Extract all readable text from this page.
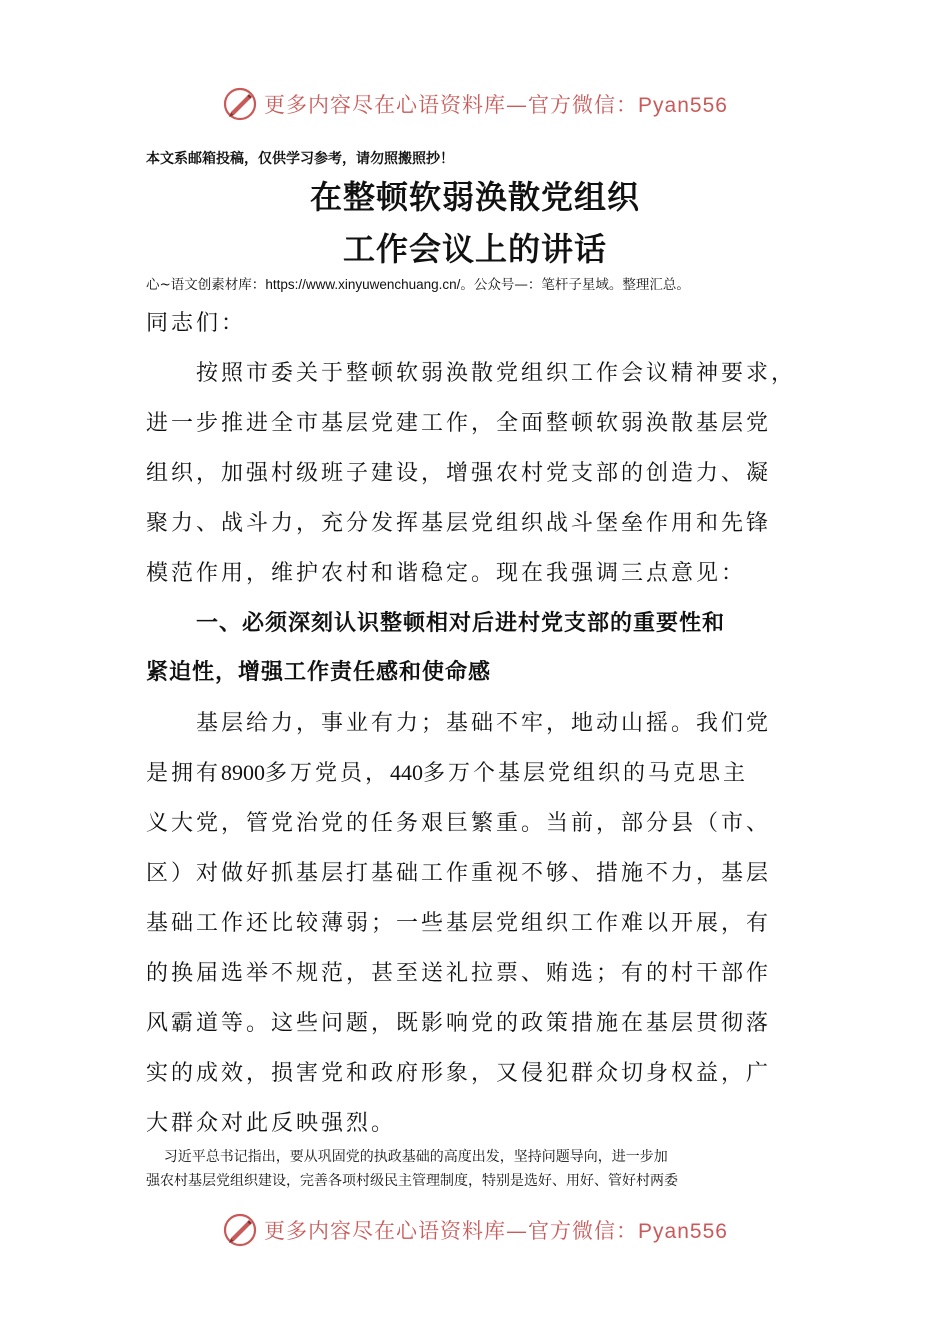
更多内容尽在心语资料库—官方微信：Pyan556
本文系邮箱投稿，仅供学习参考，请勿照搬照抄！
在整顿软弱涣散党组织
工作会议上的讲话
心~语文创素材库：https://www.xinyuwenchuang.cn/。公众号—：笔杆子星域。整理汇总。
同志们：
按照市委关于整顿软弱涣散党组织工作会议精神要求，
进一步推进全市基层党建工作，全面整顿软弱涣散基层党
组织，加强村级班子建设，增强农村党支部的创造力、凝
聚力、战斗力，充分发挥基层党组织战斗堡垒作用和先锋
模范作用，维护农村和谐稳定。现在我强调三点意见：
一、必须深刻认识整顿相对后进村党支部的重要性和
紧迫性，增强工作责任感和使命感
基层给力，事业有力；基础不牢，地动山摇。我们党
是拥有8900多万党员，440多万个基层党组织的马克思主
义大党，管党治党的任务艰巨繁重。当前，部分县（市、
区）对做好抓基层打基础工作重视不够、措施不力，基层
基础工作还比较薄弱；一些基层党组织工作难以开展，有
的换届选举不规范，甚至送礼拉票、贿选；有的村干部作
风霸道等。这些问题，既影响党的政策措施在基层贯彻落
实的成效，损害党和政府形象，又侵犯群众切身权益，广
大群众对此反映强烈。
习近平总书记指出，要从巩固党的执政基础的高度出发，坚持问题导向，进一步加
强农村基层党组织建设，完善各项村级民主管理制度，特别是选好、用好、管好村两委
更多内容尽在心语资料库—官方微信：Pyan556
